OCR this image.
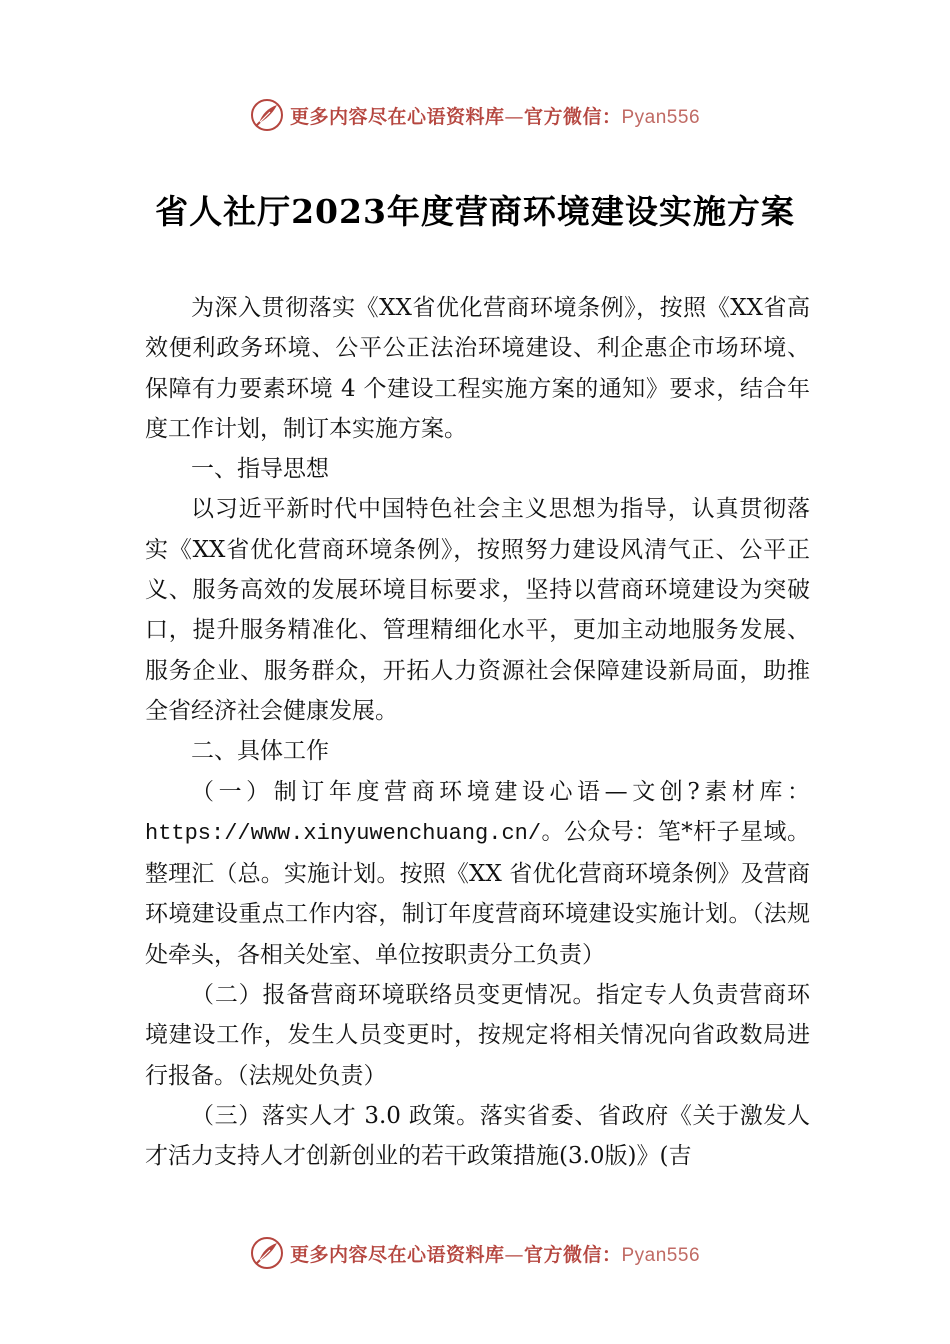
更多内容尽在心语资料库—官方微信：Pyan556
省人社厅2023年度营商环境建设实施方案

为深入贯彻落实《XX省优化营商环境条例》，按照《XX省高效便利政务环境、公平公正法治环境建设、利企惠企市场环境、保障有力要素环境 4 个建设工程实施方案的通知》要求，结合年度工作计划，制订本实施方案。

一、指导思想

以习近平新时代中国特色社会主义思想为指导，认真贯彻落实《XX省优化营商环境条例》，按照努力建设风清气正、公平正义、服务高效的发展环境目标要求，坚持以营商环境建设为突破口，提升服务精准化、管理精细化水平，更加主动地服务发展、服务企业、服务群众，开拓人力资源社会保障建设新局面，助推全省经济社会健康发展。

二、具体工作

（一）制订年度营商环境建设心语—文创?素材库：https://www.xinyuwenchuang.cn/。公众号：笔*杆子星域。整理汇（总。实施计划。按照《XX 省优化营商环境条例》及营商环境建设重点工作内容，制订年度营商环境建设实施计划。（法规处牵头，各相关处室、单位按职责分工负责）

（二）报备营商环境联络员变更情况。指定专人负责营商环境建设工作，发生人员变更时，按规定将相关情况向省政数局进行报备。（法规处负责）

（三）落实人才 3.0 政策。落实省委、省政府《关于激发人才活力支持人才创新创业的若干政策措施(3.0版)》(吉

更多内容尽在心语资料库—官方微信：Pyan556
